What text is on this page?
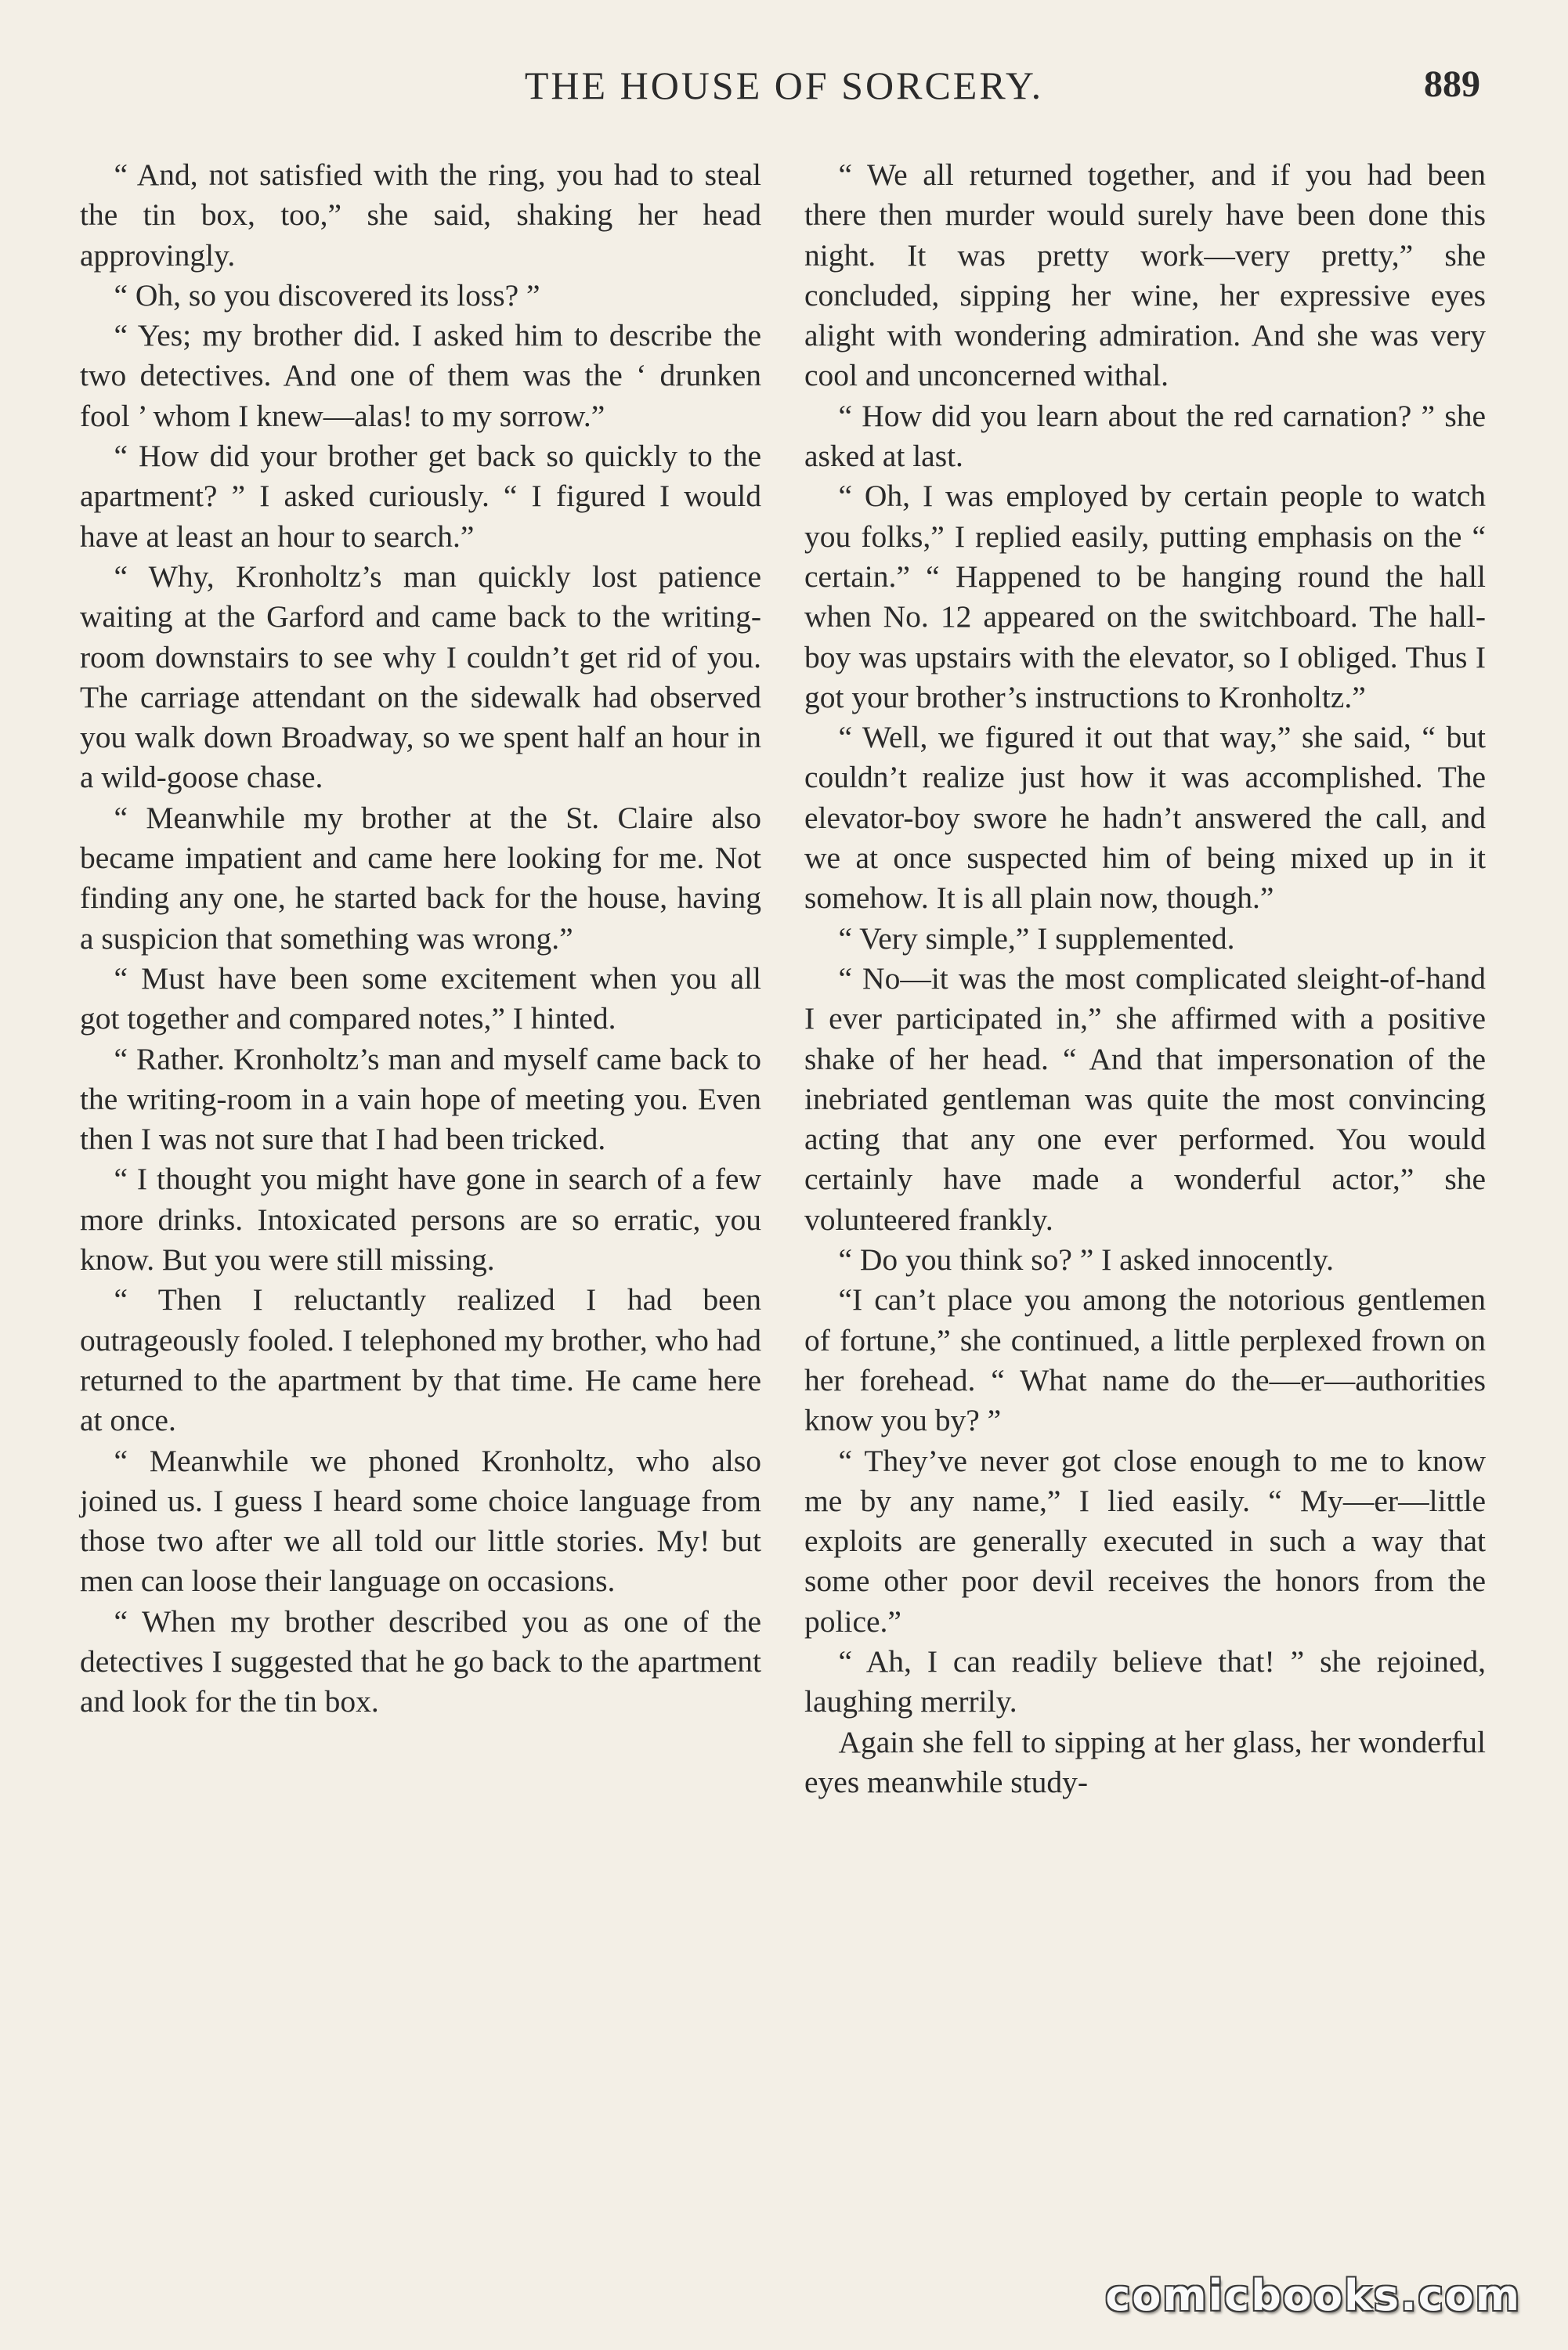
THE HOUSE OF SORCERY.	889

“ And, not satisfied with the ring, you had to steal the tin box, too,” she said, shaking her head approvingly.

“ Oh, so you discovered its loss? ”

“ Yes; my brother did. I asked him to describe the two detectives. And one of them was the ‘ drunken fool ’ whom I knew—alas! to my sorrow.”

“ How did your brother get back so quickly to the apartment? ” I asked curiously. “ I figured I would have at least an hour to search.”

“ Why, Kronholtz’s man quickly lost patience waiting at the Garford and came back to the writing-room downstairs to see why I couldn’t get rid of you. The carriage attendant on the sidewalk had observed you walk down Broadway, so we spent half an hour in a wild-goose chase.

“ Meanwhile my brother at the St. Claire also became impatient and came here looking for me. Not finding any one, he started back for the house, having a suspicion that something was wrong.”

“ Must have been some excitement when you all got together and compared notes,” I hinted.

“ Rather. Kronholtz’s man and myself came back to the writing-room in a vain hope of meeting you. Even then I was not sure that I had been tricked.

“ I thought you might have gone in search of a few more drinks. Intoxicated persons are so erratic, you know. But you were still missing.

“ Then I reluctantly realized I had been outrageously fooled. I telephoned my brother, who had returned to the apartment by that time. He came here at once.

“ Meanwhile we phoned Kronholtz, who also joined us. I guess I heard some choice language from those two after we all told our little stories. My! but men can loose their language on occasions.

“ When my brother described you as one of the detectives I suggested that he go back to the apartment and look for the tin box.

“ We all returned together, and if you had been there then murder would surely have been done this night. It was pretty work—very pretty,” she concluded, sipping her wine, her expressive eyes alight with wondering admiration. And she was very cool and unconcerned withal.

“ How did you learn about the red carnation? ” she asked at last.

“ Oh, I was employed by certain people to watch you folks,” I replied easily, putting emphasis on the “ certain.” “ Happened to be hanging round the hall when No. 12 appeared on the switchboard. The hall-boy was upstairs with the elevator, so I obliged. Thus I got your brother’s instructions to Kronholtz.”

“ Well, we figured it out that way,” she said, “ but couldn’t realize just how it was accomplished. The elevator-boy swore he hadn’t answered the call, and we at once suspected him of being mixed up in it somehow. It is all plain now, though.”

“ Very simple,” I supplemented.

“ No—it was the most complicated sleight-of-hand I ever participated in,” she affirmed with a positive shake of her head. “ And that impersonation of the inebriated gentleman was quite the most convincing acting that any one ever performed. You would certainly have made a wonderful actor,” she volunteered frankly.

“ Do you think so? ” I asked innocently.

“I can’t place you among the notorious gentlemen of fortune,” she continued, a little perplexed frown on her forehead. “ What name do the—er—authorities know you by? ”

“ They’ve never got close enough to me to know me by any name,” I lied easily. “ My—er—little exploits are generally executed in such a way that some other poor devil receives the honors from the police.”

“ Ah, I can readily believe that! ” she rejoined, laughing merrily.

Again she fell to sipping at her glass, her wonderful eyes meanwhile study-

comicbooks.com
